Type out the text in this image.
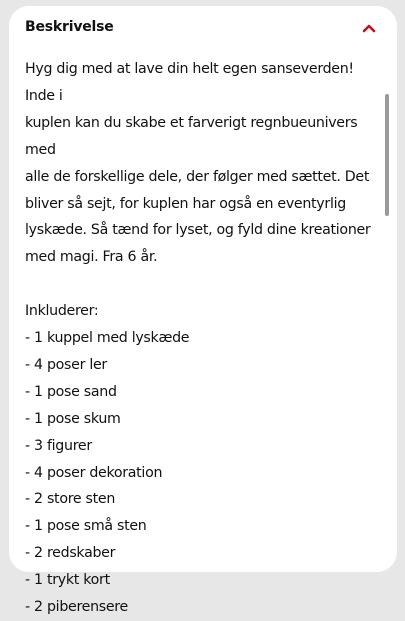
Beskrivelse
Hyg dig med at lave din helt egen sanseverden! Inde i
kuplen kan du skabe et farverigt regnbueunivers med
alle de forskellige dele, der følger med sættet. Det
bliver så sejt, for kuplen har også en eventyrlig
lyskæde. Så tænd for lyset, og fyld dine kreationer
med magi. Fra 6 år.
Inkluderer:
- 1 kuppel med lyskæde
- 4 poser ler
- 1 pose sand
- 1 pose skum
- 3 figurer
- 4 poser dekoration
- 2 store sten
- 1 pose små sten
- 2 redskaber
- 1 trykt kort
- 2 piberensere
